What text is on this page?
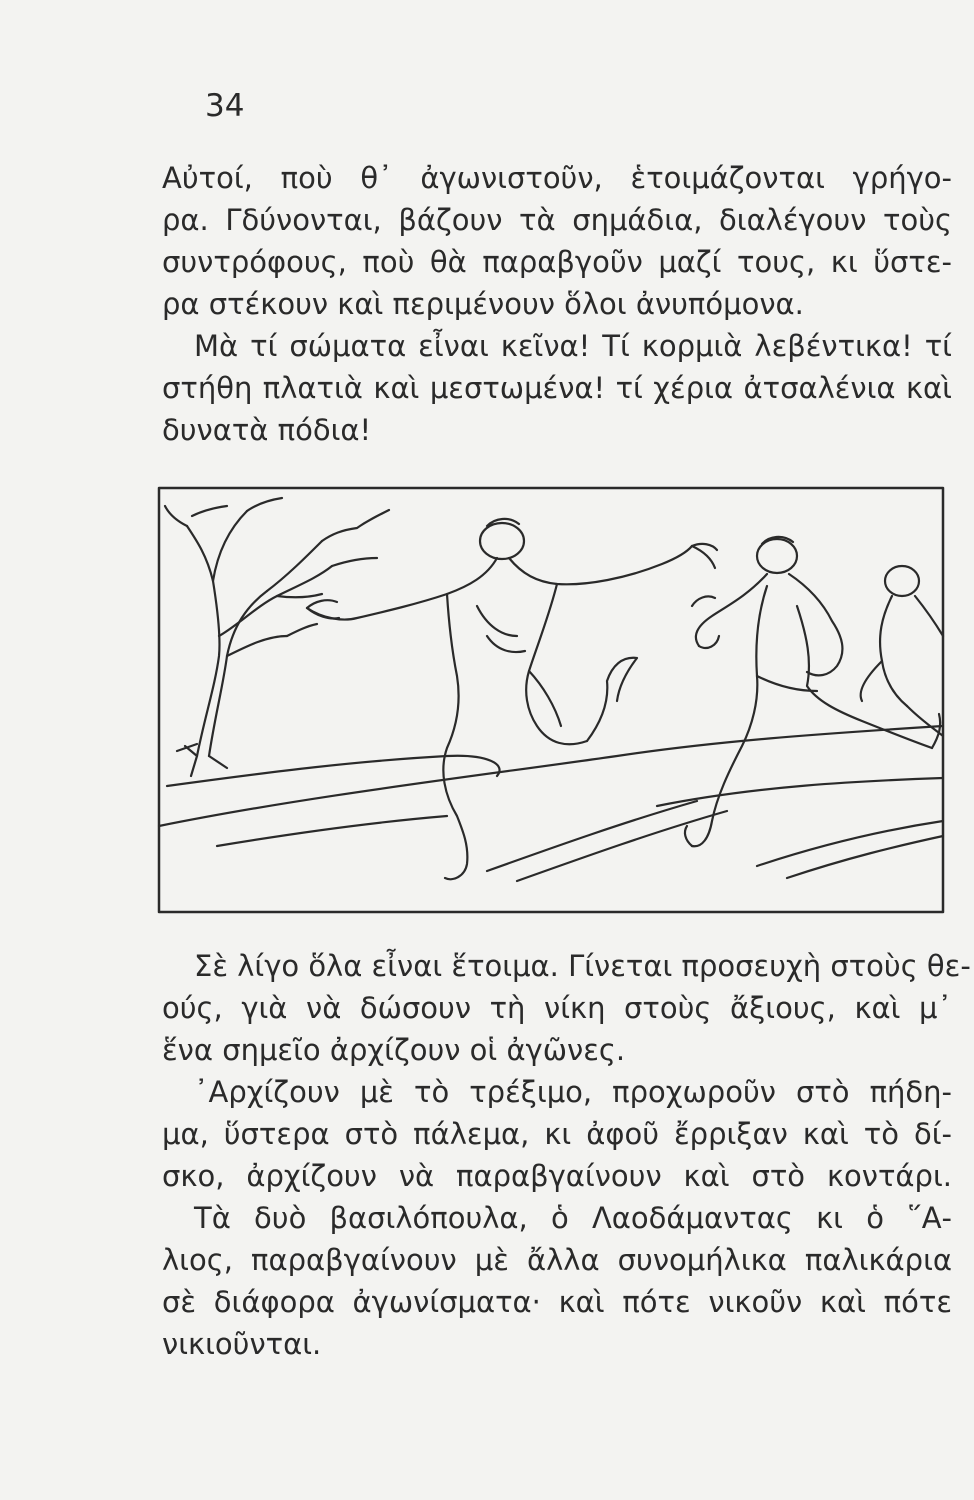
34
Αὐτοί, ποὺ θ᾽ ἀγωνιστοῦν, ἑτοιμάζονται γρήγο-
ρα. Γδύνονται, βάζουν τὰ σημάδια, διαλέγουν τοὺς
συντρόφους, ποὺ θὰ παραβγοῦν μαζί τους, κι ὕστε-
ρα στέκουν καὶ περιμένουν ὅλοι ἀνυπόμονα.
Μὰ τί σώματα εἶναι κεῖνα! Τί κορμιὰ λεβέντικα! τί
στήθη πλατιὰ καὶ μεστωμένα! τί χέρια ἀτσαλένια καὶ
δυνατὰ πόδια!
Σὲ λίγο ὅλα εἶναι ἕτοιμα. Γίνεται προσευχὴ στοὺς θε-
ούς, γιὰ νὰ δώσουν τὴ νίκη στοὺς ἄξιους, καὶ μ᾽
ἕνα σημεῖο ἀρχίζουν οἱ ἀγῶνες.
᾽Αρχίζουν μὲ τὸ τρέξιμο, προχωροῦν στὸ πήδη-
μα, ὕστερα στὸ πάλεμα, κι ἀφοῦ ἔρριξαν καὶ τὸ δί-
σκο, ἀρχίζουν νὰ παραβγαίνουν καὶ στὸ κοντάρι.
Τὰ δυὸ βασιλόπουλα, ὁ Λαοδάμαντας κι ὁ ῞Α-
λιος, παραβγαίνουν μὲ ἄλλα συνομήλικα παλικάρια
σὲ διάφορα ἀγωνίσματα· καὶ πότε νικοῦν καὶ πότε
νικιοῦνται.
